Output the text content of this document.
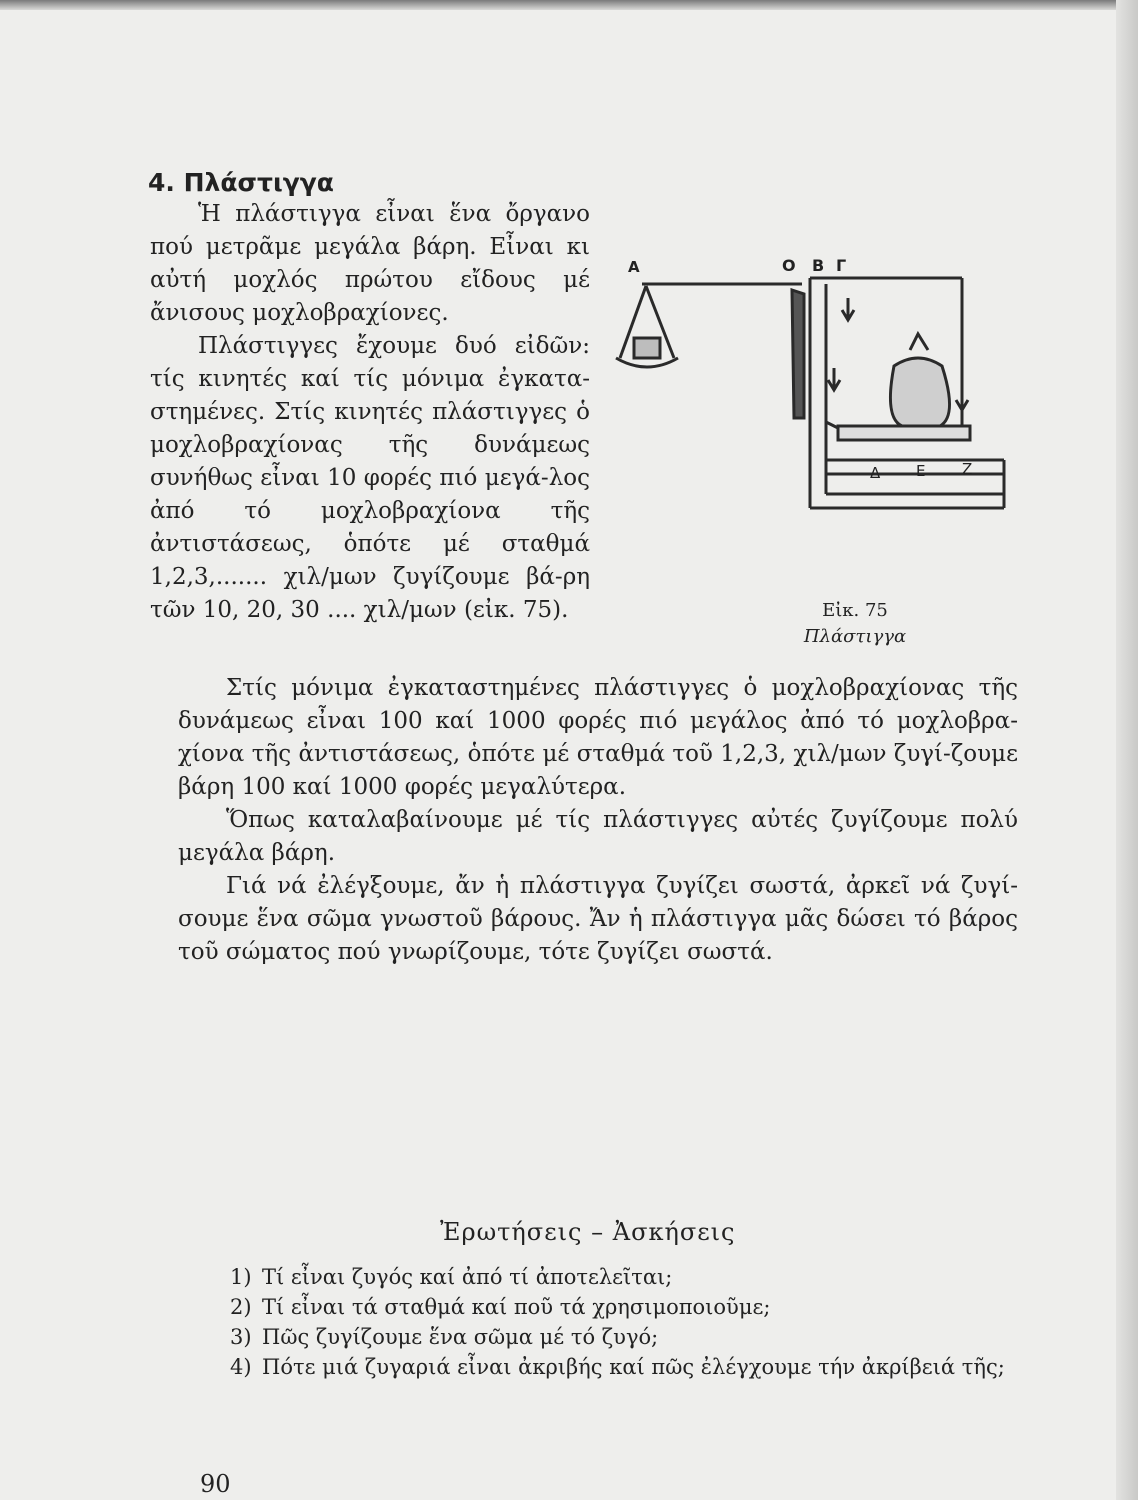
4. Πλάστιγγα

Ἡ πλάστιγγα εἶναι ἕνα ὄργανο πού μετρᾶμε μεγάλα βάρη. Εἶναι κι αὐτή μοχλός πρώτου εἴδους μέ ἄνισους μοχλοβραχίονες.

Πλάστιγγες ἔχουμε δυό εἰδῶν: τίς κινητές καί τίς μόνιμα ἐγκατα-στημένες. Στίς κινητές πλάστιγγες ὁ μοχλοβραχίονας τῆς δυνάμεως συνήθως εἶναι 10 φορές πιό μεγά-λος ἀπό τό μοχλοβραχίονα τῆς ἀντιστάσεως, ὁπότε μέ σταθμά 1,2,3,....... χιλ/μων ζυγίζουμε βά-ρη τῶν 10, 20, 30 .... χιλ/μων (εἰκ. 75).

Α	Ο Β Γ
Δ Ε Ζ
Εἰκ. 75
Πλάστιγγα

Στίς μόνιμα ἐγκαταστημένες πλάστιγγες ὁ μοχλοβραχίονας τῆς δυνάμεως εἶναι 100 καί 1000 φορές πιό μεγάλος ἀπό τό μοχλοβρα-χίονα τῆς ἀντιστάσεως, ὁπότε μέ σταθμά τοῦ 1,2,3, χιλ/μων ζυγί-ζουμε βάρη 100 καί 1000 φορές μεγαλύτερα.

Ὅπως καταλαβαίνουμε μέ τίς πλάστιγγες αὐτές ζυγίζουμε πολύ μεγάλα βάρη.

Γιά νά ἐλέγξουμε, ἄν ἡ πλάστιγγα ζυγίζει σωστά, ἀρκεῖ νά ζυγί-σουμε ἕνα σῶμα γνωστοῦ βάρους. Ἄν ἡ πλάστιγγα μᾶς δώσει τό βάρος τοῦ σώματος πού γνωρίζουμε, τότε ζυγίζει σωστά.

Ἐρωτήσεις – Ἀσκήσεις
1) Τί εἶναι ζυγός καί ἀπό τί ἀποτελεῖται;
2) Τί εἶναι τά σταθμά καί ποῦ τά χρησιμοποιοῦμε;
3) Πῶς ζυγίζουμε ἕνα σῶμα μέ τό ζυγό;
4) Πότε μιά ζυγαριά εἶναι ἀκριβής καί πῶς ἐλέγχουμε τήν ἀκρίβειά τῆς;
90
